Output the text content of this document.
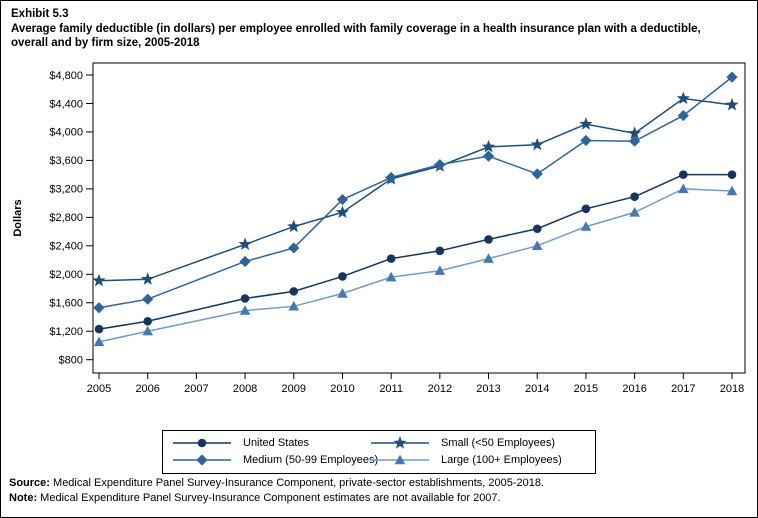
Exhibit 5.3
Average family deductible (in dollars) per employee enrolled with family coverage in a health insurance plan with a deductible, overall and by firm size, 2005-2018
$800
$1,200
$1,600
$2,000
$2,400
$2,800
$3,200
$3,600
$4,000
$4,400
$4,800
2005 2006 2007 2008 2009 2010 2011 2012 2013 2014 2015 2016 2017 2018
Dollars
United States	Small (<50 Employees)
Medium (50-99 Employees)	Large (100+ Employees)
Source: Medical Expenditure Panel Survey-Insurance Component, private-sector establishments, 2005-2018.
Note: Medical Expenditure Panel Survey-Insurance Component estimates are not available for 2007.
